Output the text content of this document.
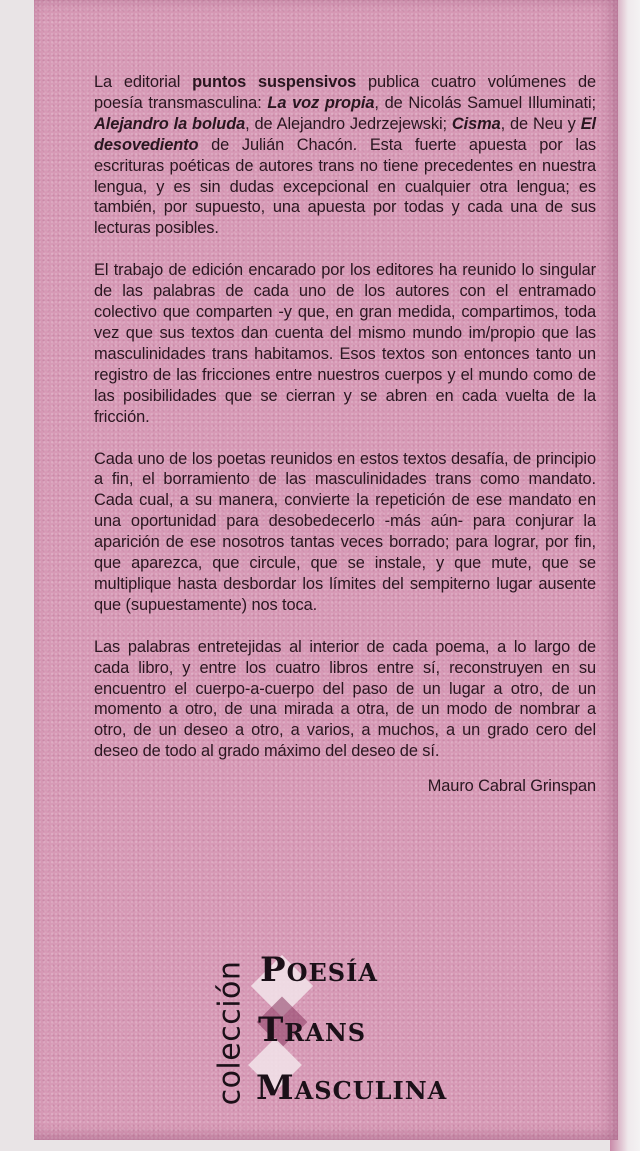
La editorial puntos suspensivos publica cuatro volúmenes de poesía transmasculina: La voz propia, de Nicolás Samuel Illuminati; Alejandro la boluda, de Alejandro Jedrzejewski; Cisma, de Neu y El desovediento de Julián Chacón. Esta fuerte apuesta por las escrituras poéticas de autores trans no tiene precedentes en nuestra lengua, y es sin dudas excepcional en cualquier otra lengua; es también, por supuesto, una apuesta por todas y cada una de sus lecturas posibles.

El trabajo de edición encarado por los editores ha reunido lo singular de las palabras de cada uno de los autores con el entramado colectivo que comparten -y que, en gran medida, compartimos, toda vez que sus textos dan cuenta del mismo mundo im/propio que las masculinidades trans habitamos. Esos textos son entonces tanto un registro de las fricciones entre nuestros cuerpos y el mundo como de las posibilidades que se cierran y se abren en cada vuelta de la fricción.

Cada uno de los poetas reunidos en estos textos desafía, de principio a fin, el borramiento de las masculinidades trans como mandato. Cada cual, a su manera, convierte la repetición de ese mandato en una oportunidad para desobedecerlo -más aún- para conjurar la aparición de ese nosotros tantas veces borrado; para lograr, por fin, que aparezca, que circule, que se instale, y que mute, que se multiplique hasta desbordar los límites del sempiterno lugar ausente que (supuestamente) nos toca.

Las palabras entretejidas al interior de cada poema, a lo largo de cada libro, y entre los cuatro libros entre sí, reconstruyen en su encuentro el cuerpo-a-cuerpo del paso de un lugar a otro, de un momento a otro, de una mirada a otra, de un modo de nombrar a otro, de un deseo a otro, a varios, a muchos, a un grado cero del deseo de todo al grado máximo del deseo de sí.

Mauro Cabral Grinspan
colección Poesía
Trans
Masculina
